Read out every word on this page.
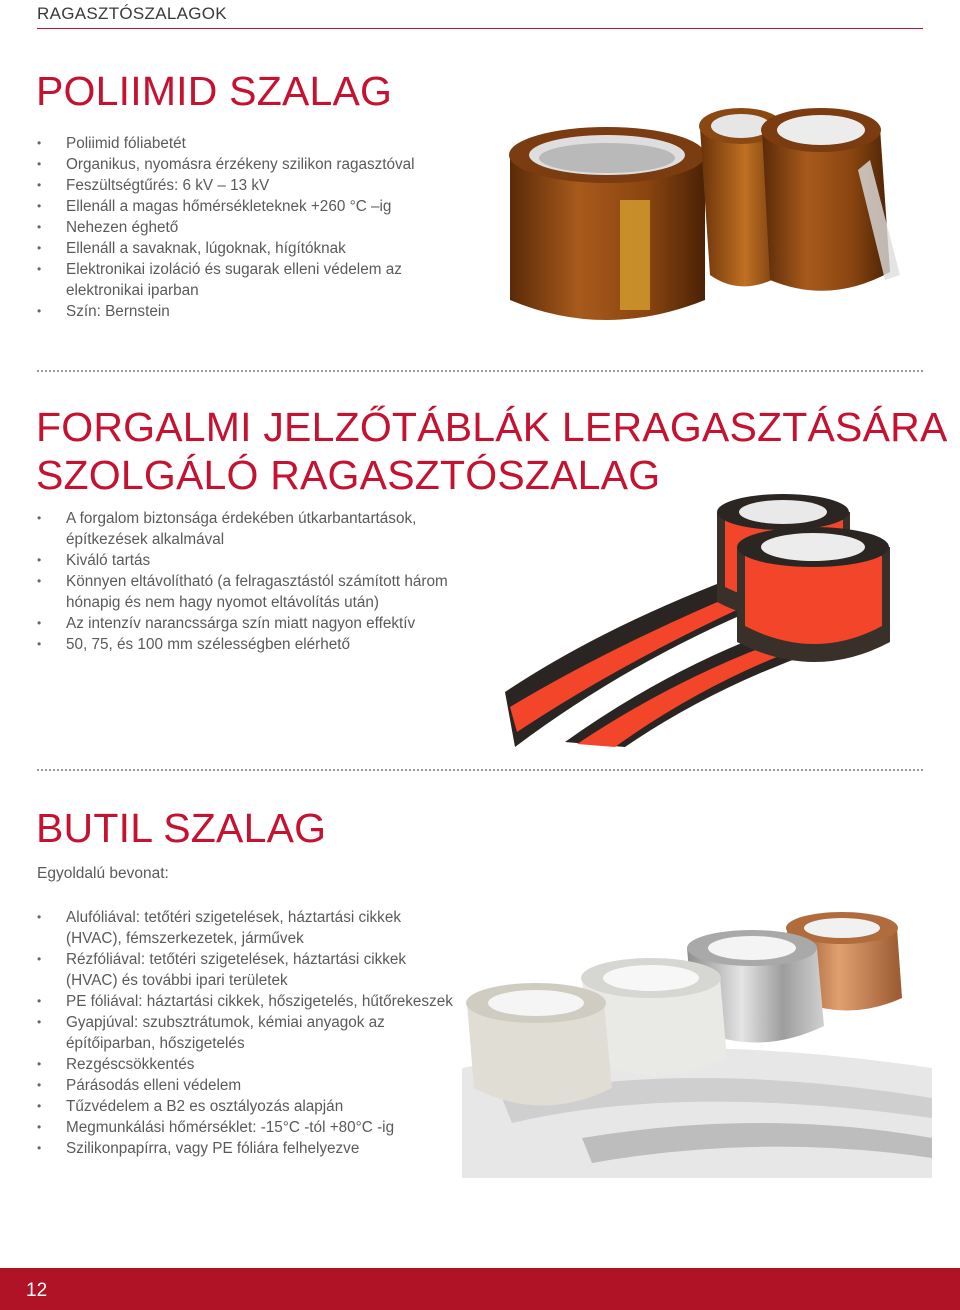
RAGASZTÓSZALAGOK
POLIIMID SZALAG
• Poliimid fóliabetét
• Organikus, nyomásra érzékeny szilikon ragasztóval
• Feszültségtűrés: 6 kV – 13 kV
• Ellenáll a magas hőmérsékleteknek +260 °C –ig
• Nehezen éghető
• Ellenáll a savaknak, lúgoknak, hígítóknak
• Elektronikai izoláció és sugarak elleni védelem az elektronikai iparban
• Szín: Bernstein
FORGALMI JELZŐTÁBLÁK LERAGASZTÁSÁRA
SZOLGÁLÓ RAGASZTÓSZALAG
• A forgalom biztonsága érdekében útkarbantartások, építkezések alkalmával
• Kiváló tartás
• Könnyen eltávolítható (a felragasztástól számított három hónapig és nem hagy nyomot eltávolítás után)
• Az intenzív narancssárga szín miatt nagyon effektív
• 50, 75, és 100 mm szélességben elérhető
BUTIL SZALAG
Egyoldalú bevonat:
• Alufóliával: tetőtéri szigetelések, háztartási cikkek (HVAC), fémszerkezetek, járművek
• Rézfóliával: tetőtéri szigetelések, háztartási cikkek (HVAC) és további ipari területek
• PE fóliával: háztartási cikkek, hőszigetelés, hűtőrekeszek
• Gyapjúval: szubsztrátumok, kémiai anyagok az építőiparban, hőszigetelés
• Rezgéscsökkentés
• Párásodás elleni védelem
• Tűzvédelem a B2 es osztályozás alapján
• Megmunkálási hőmérséklet: -15°C -tól +80°C -ig
• Szilikonpapírra, vagy PE fóliára felhelyezve
12
